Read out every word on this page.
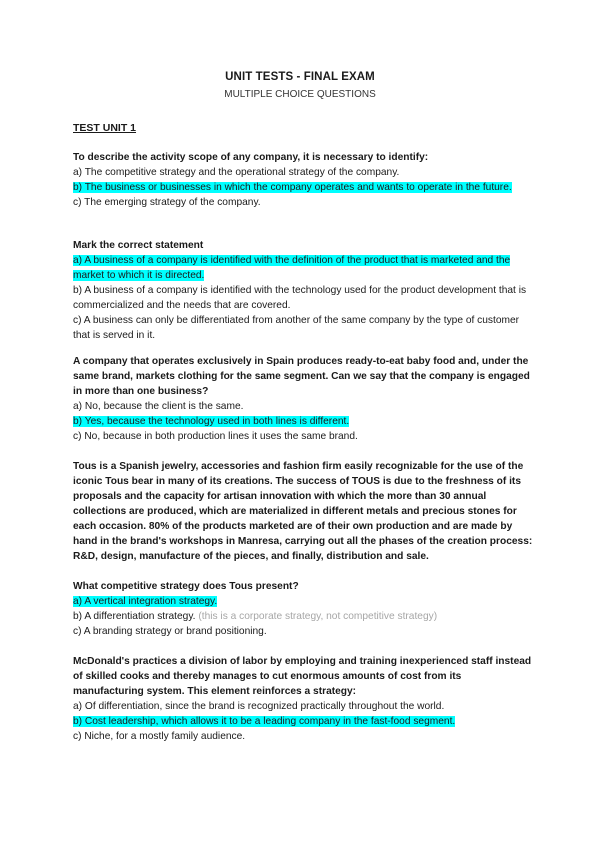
UNIT TESTS - FINAL EXAM
MULTIPLE CHOICE QUESTIONS
TEST UNIT 1
To describe the activity scope of any company, it is necessary to identify:
a) The competitive strategy and the operational strategy of the company.
b) The business or businesses in which the company operates and wants to operate in the future.
c) The emerging strategy of the company.
Mark the correct statement
a) A business of a company is identified with the definition of the product that is marketed and the market to which it is directed.
b) A business of a company is identified with the technology used for the product development that is commercialized and the needs that are covered.
c) A business can only be differentiated from another of the same company by the type of customer that is served in it.
A company that operates exclusively in Spain produces ready-to-eat baby food and, under the same brand, markets clothing for the same segment. Can we say that the company is engaged in more than one business?
a) No, because the client is the same.
b) Yes, because the technology used in both lines is different.
c) No, because in both production lines it uses the same brand.
Tous is a Spanish jewelry, accessories and fashion firm easily recognizable for the use of the iconic Tous bear in many of its creations. The success of TOUS is due to the freshness of its proposals and the capacity for artisan innovation with which the more than 30 annual collections are produced, which are materialized in different metals and precious stones for each occasion. 80% of the products marketed are of their own production and are made by hand in the brand's workshops in Manresa, carrying out all the phases of the creation process: R&D, design, manufacture of the pieces, and finally, distribution and sale.
What competitive strategy does Tous present?
a) A vertical integration strategy.
b) A differentiation strategy. (this is a corporate strategy, not competitive strategy)
c) A branding strategy or brand positioning.
McDonald's practices a division of labor by employing and training inexperienced staff instead of skilled cooks and thereby manages to cut enormous amounts of cost from its manufacturing system. This element reinforces a strategy:
a) Of differentiation, since the brand is recognized practically throughout the world.
b) Cost leadership, which allows it to be a leading company in the fast-food segment.
c) Niche, for a mostly family audience.
